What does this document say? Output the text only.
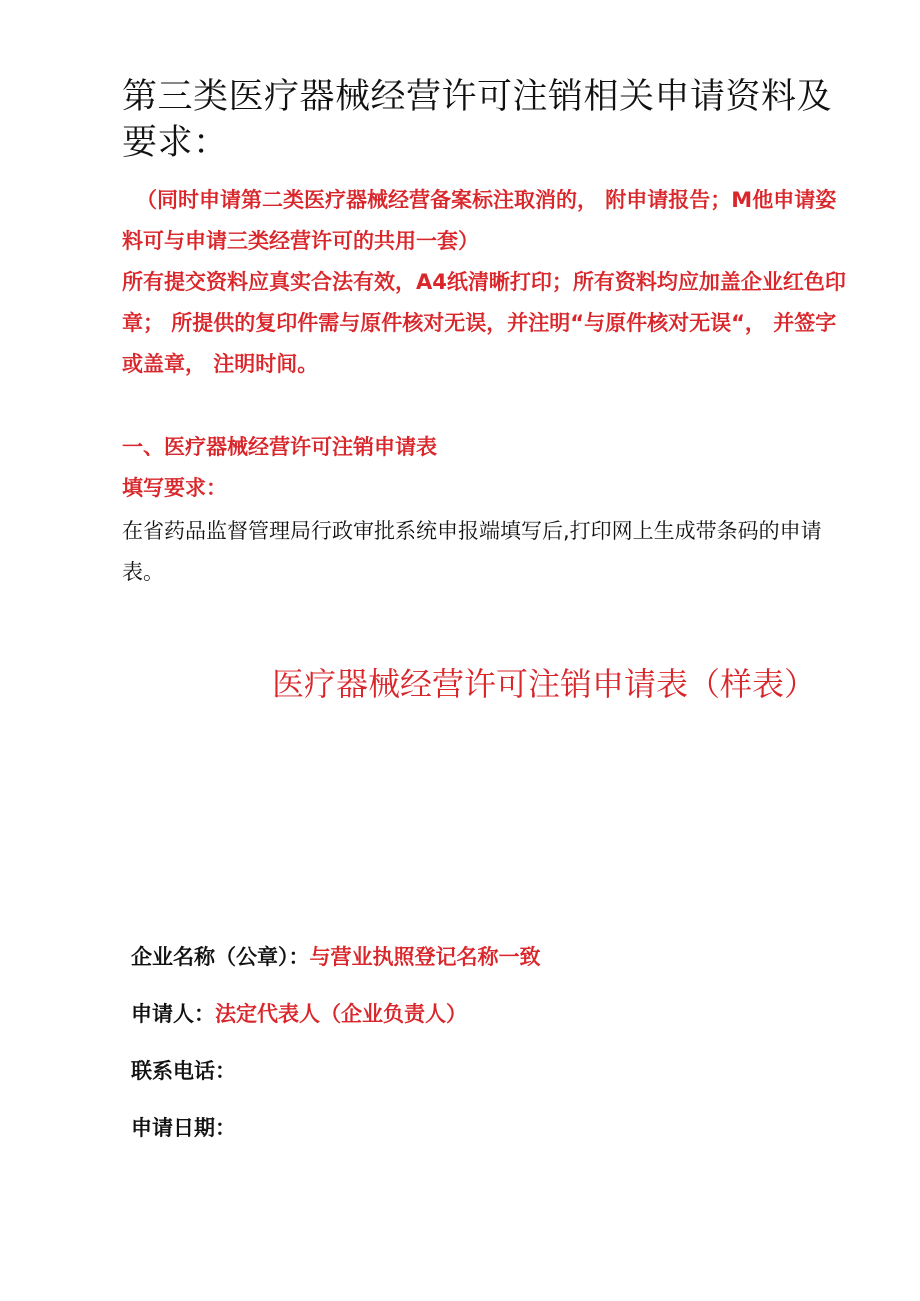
第三类医疗器械经营许可注销相关申请资料及要求：
（同时申请第二类医疗器械经营备案标注取消的， 附申请报告；M他申请姿料可与申请三类经营许可的共用一套）
所有提交资料应真实合法有效，A4纸清晰打印；所有资料均应加盖企业红色印章； 所提供的复印件需与原件核对无误，并注明“与原件核对无误“， 并签字或盖章， 注明时间。
一、医疗器械经营许可注销申请表
填写要求：
在省药品监督管理局行政审批系统申报端填写后,打印网上生成带条码的申请表。
医疗器械经营许可注销申请表（样表）
企业名称（公章）：与营业执照登记名称一致
申请人：法定代表人（企业负责人）
联系电话：
申请日期：
